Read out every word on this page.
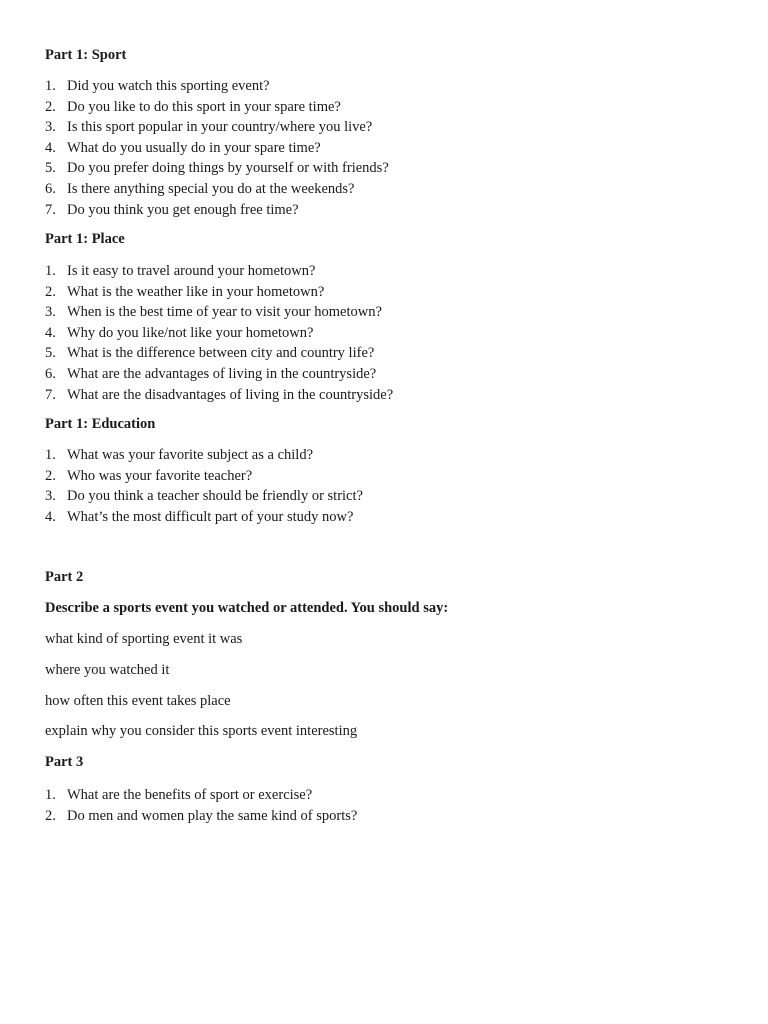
Part 1: Sport
1. Did you watch this sporting event?
2. Do you like to do this sport in your spare time?
3. Is this sport popular in your country/where you live?
4. What do you usually do in your spare time?
5. Do you prefer doing things by yourself or with friends?
6. Is there anything special you do at the weekends?
7. Do you think you get enough free time?
Part 1: Place
1. Is it easy to travel around your hometown?
2. What is the weather like in your hometown?
3. When is the best time of year to visit your hometown?
4. Why do you like/not like your hometown?
5. What is the difference between city and country life?
6. What are the advantages of living in the countryside?
7. What are the disadvantages of living in the countryside?
Part 1: Education
1. What was your favorite subject as a child?
2. Who was your favorite teacher?
3. Do you think a teacher should be friendly or strict?
4. What’s the most difficult part of your study now?
Part 2
Describe a sports event you watched or attended. You should say:
what kind of sporting event it was
where you watched it
how often this event takes place
explain why you consider this sports event interesting
Part 3
1. What are the benefits of sport or exercise?
2. Do men and women play the same kind of sports?
